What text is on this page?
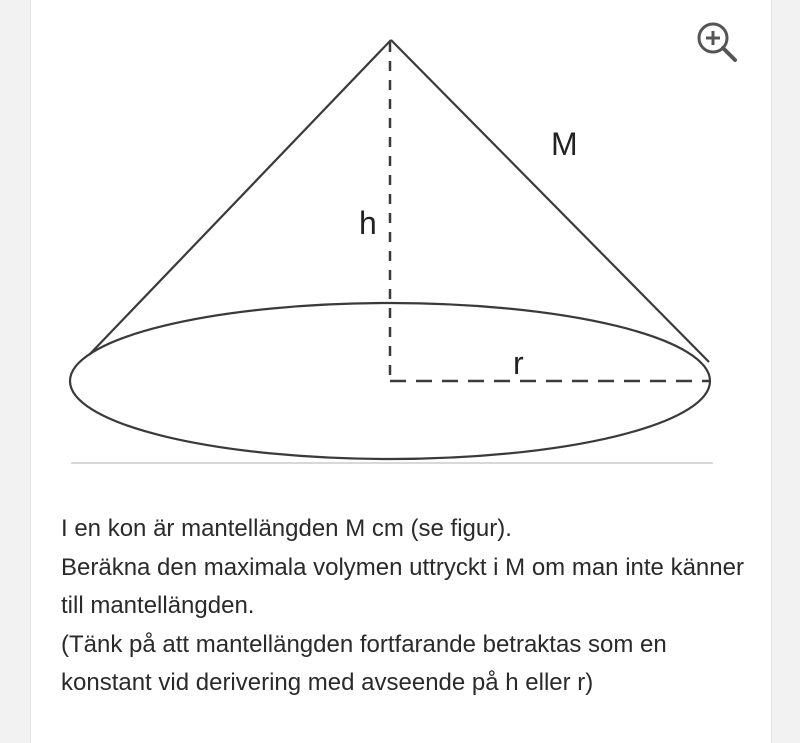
M
h
r

I en kon är mantellängden M cm (se figur).

Beräkna den maximala volymen uttryckt i M om man inte känner till mantellängden.

(Tänk på att mantellängden fortfarande betraktas som en konstant vid derivering med avseende på h eller r)
